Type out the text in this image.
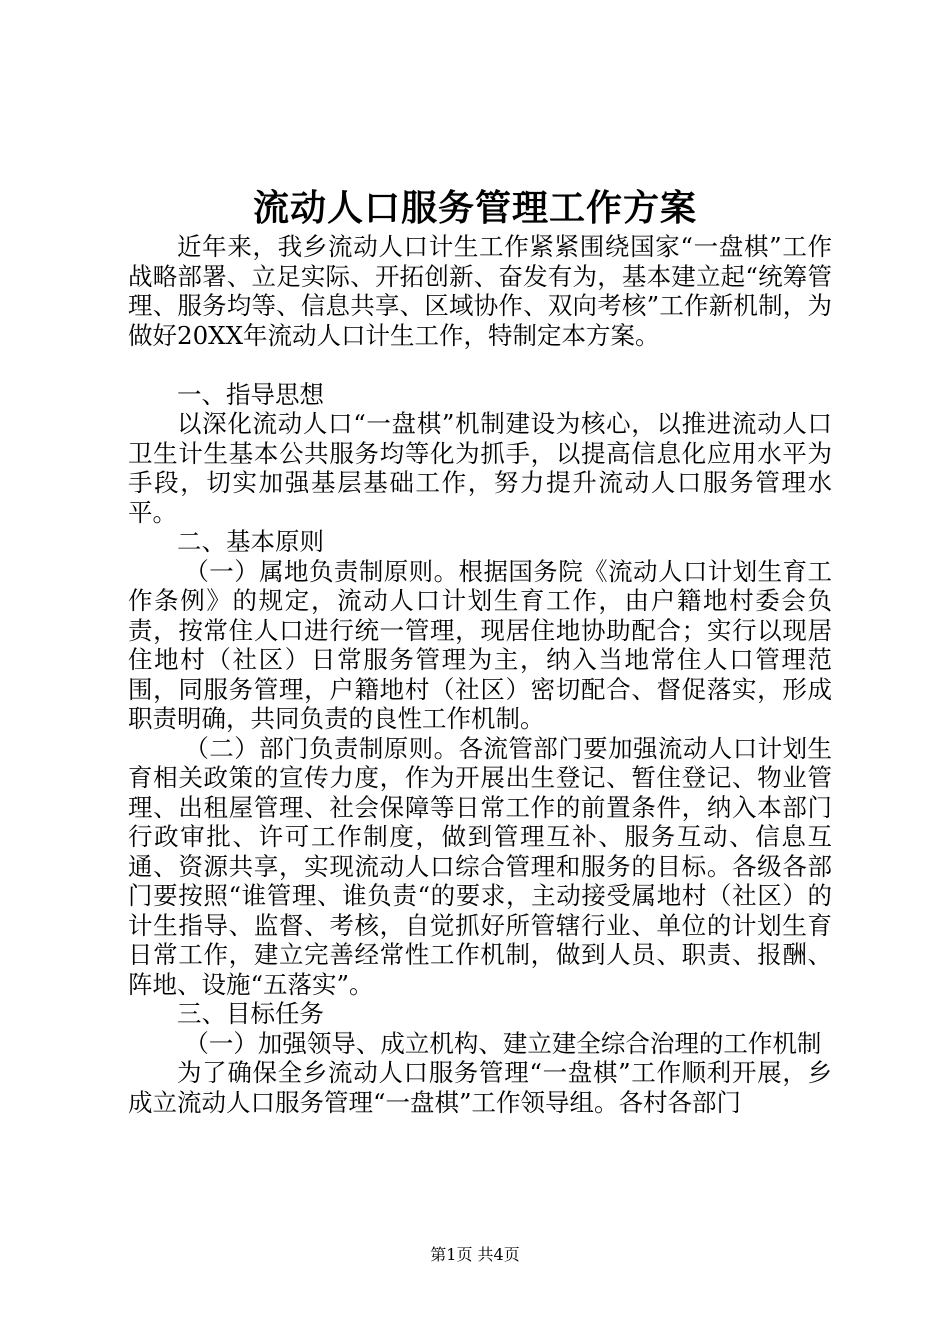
流动人口服务管理工作方案

近年来，我乡流动人口计生工作紧紧围绕国家“一盘棋”工作战略部署、立足实际、开拓创新、奋发有为，基本建立起“统筹管理、服务均等、信息共享、区域协作、双向考核”工作新机制，为做好20XX年流动人口计生工作，特制定本方案。

一、指导思想

以深化流动人口“一盘棋”机制建设为核心，以推进流动人口卫生计生基本公共服务均等化为抓手，以提高信息化应用水平为手段，切实加强基层基础工作，努力提升流动人口服务管理水平。

二、基本原则

（一）属地负责制原则。根据国务院《流动人口计划生育工作条例》的规定，流动人口计划生育工作，由户籍地村委会负责，按常住人口进行统一管理，现居住地协助配合；实行以现居住地村（社区）日常服务管理为主，纳入当地常住人口管理范围，同服务管理，户籍地村（社区）密切配合、督促落实，形成职责明确，共同负责的良性工作机制。

（二）部门负责制原则。各流管部门要加强流动人口计划生育相关政策的宣传力度，作为开展出生登记、暂住登记、物业管理、出租屋管理、社会保障等日常工作的前置条件，纳入本部门行政审批、许可工作制度，做到管理互补、服务互动、信息互通、资源共享，实现流动人口综合管理和服务的目标。各级各部门要按照“谁管理、谁负责“的要求，主动接受属地村（社区）的计生指导、监督、考核，自觉抓好所管辖行业、单位的计划生育日常工作，建立完善经常性工作机制，做到人员、职责、报酬、阵地、设施“五落实”。

三、目标任务

（一）加强领导、成立机构、建立建全综合治理的工作机制

为了确保全乡流动人口服务管理“一盘棋”工作顺利开展，乡成立流动人口服务管理“一盘棋”工作领导组。各村各部门

第1页 共4页
